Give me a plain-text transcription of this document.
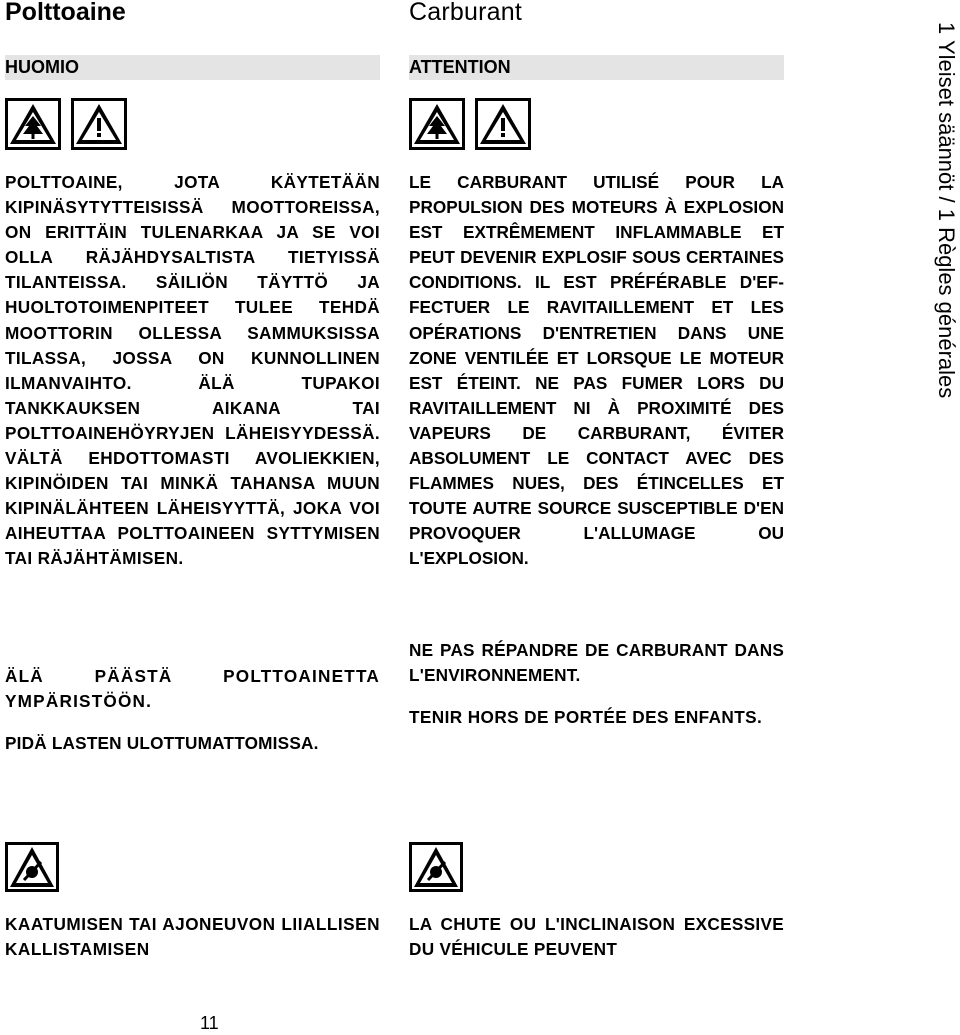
Polttoaine
HUOMIO
POLTTOAINE, JOTA KÄYTETÄÄN KIPINÄSYTYTTEISISSÄ MOOTTOREISSA, ON ERITTÄIN TULENARKAA JA SE VOI OLLA RÄJÄHDYSALTISTA TIETYISSÄ TILANTEISSA. SÄILIÖN TÄYTTÖ JA HUOLTOTOIMENPITEET TULEE TEHDÄ MOOTTORIN OLLESSA SAMMUKSISSA TILASSA, JOSSA ON KUNNOLLINEN ILMANVAIHTO. ÄLÄ TUPAKOI TANKKAUKSEN AIKANA TAI POLTTOAINEHÖYRYJEN LÄHEISYYDESSÄ. VÄLTÄ EHDOTTOMASTI AVOLIEKKIEN, KIPINÖIDEN TAI MINKÄ TAHANSA MUUN KIPINÄLÄHTEEN LÄHEISYYTTÄ, JOKA VOI AIHEUTTAA POLTTOAINEEN SYTTYMISEN TAI RÄJÄHTÄMISEN.
ÄLÄ PÄÄSTÄ POLTTOAINETTA YMPÄRISTÖÖN.
PIDÄ LASTEN ULOTTUMATTOMISSA.
KAATUMISEN TAI AJONEUVON LIIALLISEN KALLISTAMISEN
Carburant
ATTENTION
LE CARBURANT UTILISÉ POUR LA PROPULSION DES MOTEURS À EXPLOSION EST EXTRÊMEMENT INFLAMMABLE ET PEUT DEVENIR EXPLOSIF SOUS CERTAINES CONDITIONS. IL EST PRÉFÉRABLE D'EFFECTUER LE RAVITAILLEMENT ET LES OPÉRATIONS D'ENTRETIEN DANS UNE ZONE VENTILÉE ET LORSQUE LE MOTEUR EST ÉTEINT. NE PAS FUMER LORS DU RAVITAILLEMENT NI À PROXIMITÉ DES VAPEURS DE CARBURANT, ÉVITER ABSOLUMENT LE CONTACT AVEC DES FLAMMES NUES, DES ÉTINCELLES ET TOUTE AUTRE SOURCE SUSCEPTIBLE D'EN PROVOQUER L'ALLUMAGE OU L'EXPLOSION.
NE PAS RÉPANDRE DE CARBURANT DANS L'ENVIRONNEMENT.
TENIR HORS DE PORTÉE DES ENFANTS.
LA CHUTE OU L'INCLINAISON EXCESSIVE DU VÉHICULE PEUVENT
1 Yleiset säännöt / 1 Règles générales
11
